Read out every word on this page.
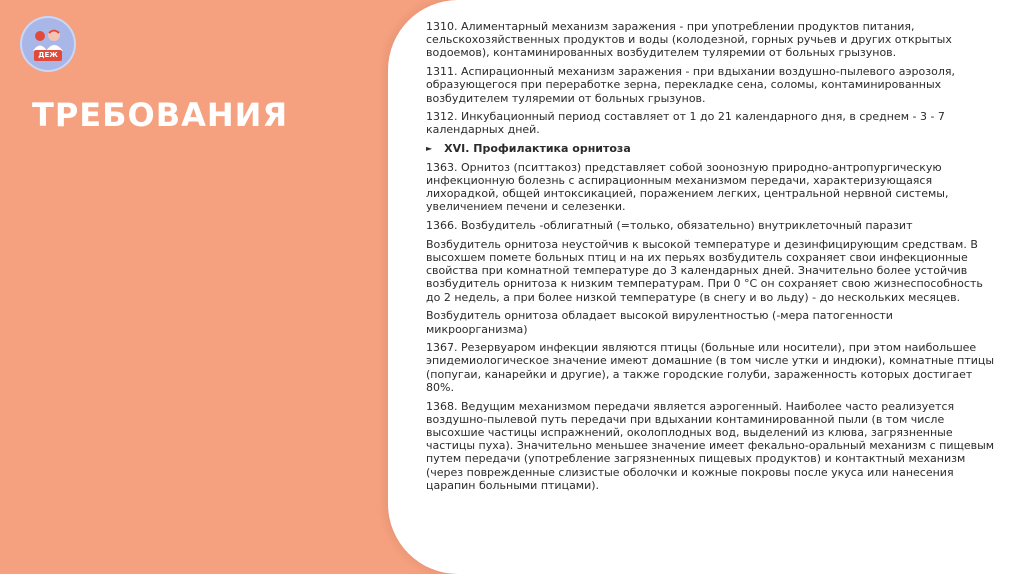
ДЕЖ
ТРЕБОВАНИЯ

1310. Алиментарный механизм заражения - при употреблении продуктов питания, сельскохозяйственных продуктов и воды (колодезной, горных ручьев и других открытых водоемов), контаминированных возбудителем туляремии от больных грызунов.

1311. Аспирационный механизм заражения - при вдыхании воздушно-пылевого аэрозоля, образующегося при переработке зерна, перекладке сена, соломы, контаминированных возбудителем туляремии от больных грызунов.

1312. Инкубационный период составляет от 1 до 21 календарного дня, в среднем - 3 - 7 календарных дней.

► XVI. Профилактика орнитоза

1363. Орнитоз (пситтакоз) представляет собой зоонозную природно-антропургическую инфекционную болезнь с аспирационным механизмом передачи, характеризующаяся лихорадкой, общей интоксикацией, поражением легких, центральной нервной системы, увеличением печени и селезенки.

1366. Возбудитель -облигатный (=только, обязательно) внутриклеточный паразит

Возбудитель орнитоза неустойчив к высокой температуре и дезинфицирующим средствам. В высохшем помете больных птиц и на их перьях возбудитель сохраняет свои инфекционные свойства при комнатной температуре до 3 календарных дней. Значительно более устойчив возбудитель орнитоза к низким температурам. При 0 °С он сохраняет свою жизнеспособность до 2 недель, а при более низкой температуре (в снегу и во льду) - до нескольких месяцев.

Возбудитель орнитоза обладает высокой вирулентностью (-мера патогенности микроорганизма)

1367. Резервуаром инфекции являются птицы (больные или носители), при этом наибольшее эпидемиологическое значение имеют домашние (в том числе утки и индюки), комнатные птицы (попугаи, канарейки и другие), а также городские голуби, зараженность которых достигает 80%.

1368. Ведущим механизмом передачи является аэрогенный. Наиболее часто реализуется воздушно-пылевой путь передачи при вдыхании контаминированной пыли (в том числе высохшие частицы испражнений, околоплодных вод, выделений из клюва, загрязненные частицы пуха). Значительно меньшее значение имеет фекально-оральный механизм с пищевым путем передачи (употребление загрязненных пищевых продуктов) и контактный механизм (через поврежденные слизистые оболочки и кожные покровы после укуса или нанесения царапин больными птицами).
